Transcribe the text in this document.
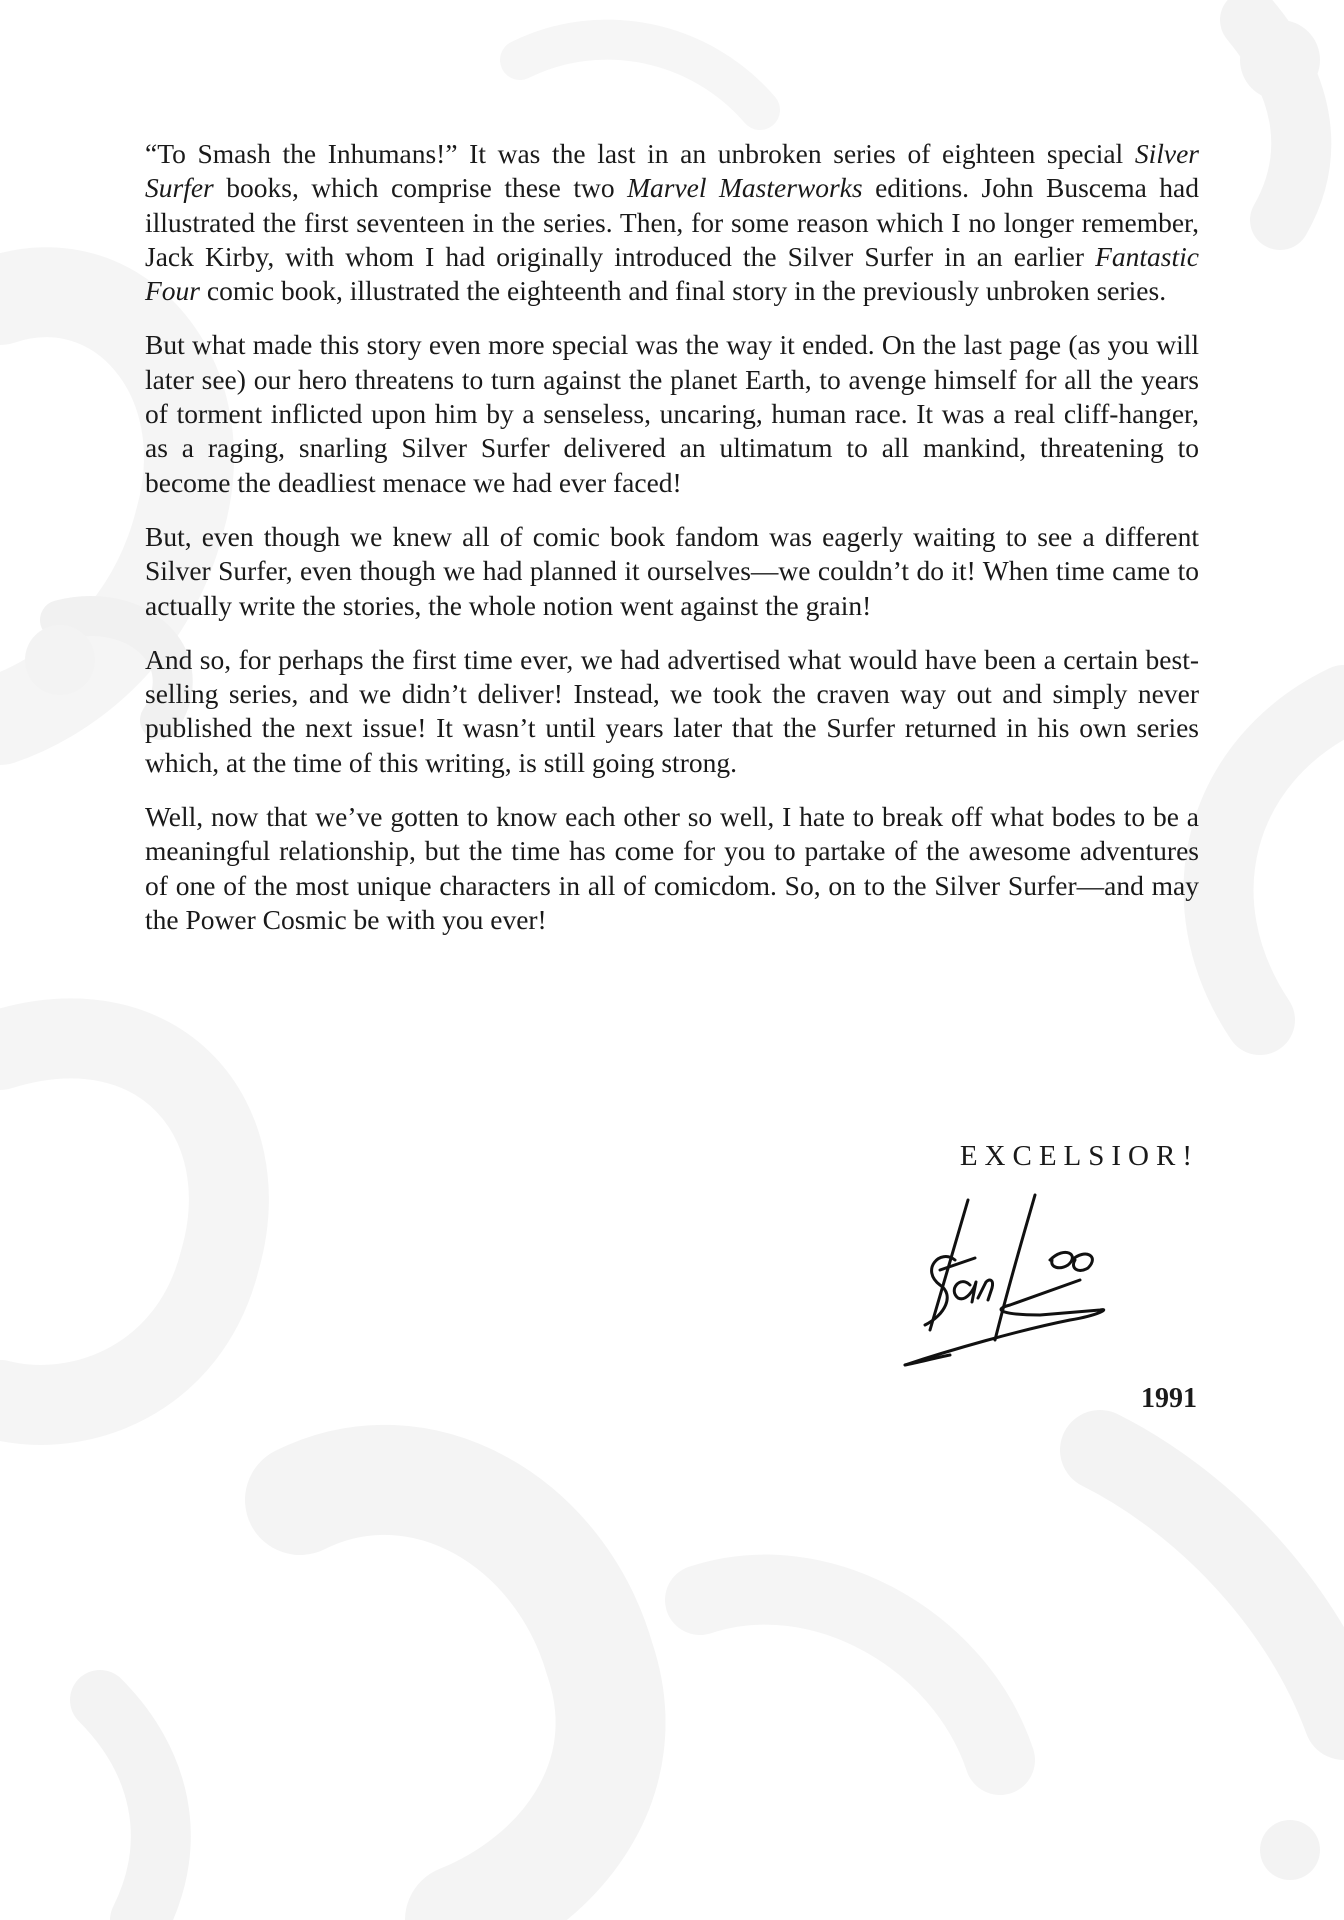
“To Smash the Inhumans!” It was the last in an unbroken series of eighteen special Silver Surfer books, which comprise these two Marvel Masterworks editions. John Buscema had illustrated the first seventeen in the series. Then, for some reason which I no longer remember, Jack Kirby, with whom I had originally introduced the Silver Surfer in an earlier Fantastic Four comic book, illustrated the eighteenth and final story in the previously unbroken series.

But what made this story even more special was the way it ended. On the last page (as you will later see) our hero threatens to turn against the planet Earth, to avenge himself for all the years of torment inflicted upon him by a senseless, uncaring, human race. It was a real cliff-hanger, as a raging, snarling Silver Surfer delivered an ultimatum to all mankind, threatening to become the deadliest menace we had ever faced!

But, even though we knew all of comic book fandom was eagerly waiting to see a different Silver Surfer, even though we had planned it ourselves—we couldn’t do it! When time came to actually write the stories, the whole notion went against the grain!

And so, for perhaps the first time ever, we had advertised what would have been a certain best-selling series, and we didn’t deliver! Instead, we took the craven way out and simply never published the next issue! It wasn’t until years later that the Surfer returned in his own series which, at the time of this writing, is still going strong.

Well, now that we’ve gotten to know each other so well, I hate to break off what bodes to be a meaningful relationship, but the time has come for you to partake of the awesome adventures of one of the most unique characters in all of comicdom. So, on to the Silver Surfer—and may the Power Cosmic be with you ever!

EXCELSIOR!

1991
